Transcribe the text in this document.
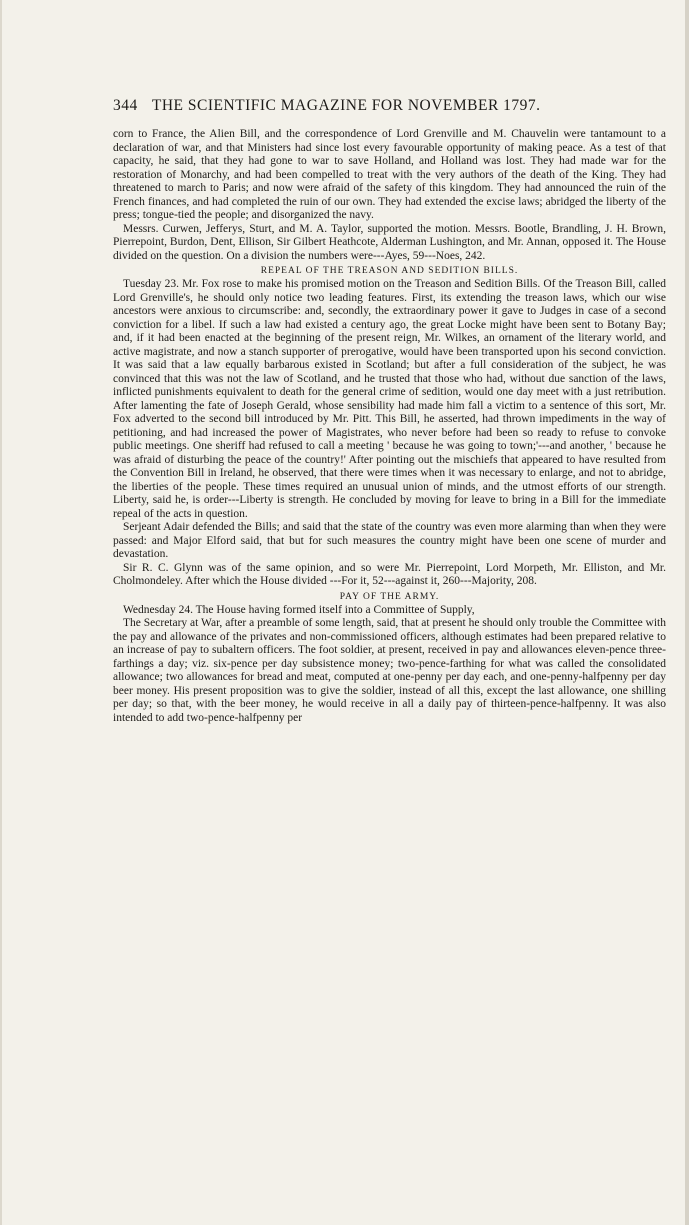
344 THE SCIENTIFIC MAGAZINE FOR NOVEMBER 1797.

corn to France, the Alien Bill, and the correspondence of Lord Grenville and M. Chauvelin were tantamount to a declaration of war, and that Ministers had since lost every favourable opportunity of making peace. As a test of that capacity, he said, that they had gone to war to save Holland, and Holland was lost. They had made war for the restoration of Monarchy, and had been compelled to treat with the very authors of the death of the King. They had threatened to march to Paris; and now were afraid of the safety of this kingdom. They had announced the ruin of the French finances, and had completed the ruin of our own. They had extended the excise laws; abridged the liberty of the press; tongue-tied the people; and disorganized the navy.

Messrs. Curwen, Jefferys, Sturt, and M. A. Taylor, supported the motion. Messrs. Bootle, Brandling, J. H. Brown, Pierrepoint, Burdon, Dent, Ellison, Sir Gilbert Heathcote, Alderman Lushington, and Mr. Annan, opposed it. The House divided on the question. On a division the numbers were---Ayes, 59---Noes, 242.

REPEAL OF THE TREASON AND SEDITION BILLS.

Tuesday 23. Mr. Fox rose to make his promised motion on the Treason and Sedition Bills. Of the Treason Bill, called Lord Grenville's, he should only notice two leading features. First, its extending the treason laws, which our wise ancestors were anxious to circumscribe: and, secondly, the extraordinary power it gave to Judges in case of a second conviction for a libel. If such a law had existed a century ago, the great Locke might have been sent to Botany Bay; and, if it had been enacted at the beginning of the present reign, Mr. Wilkes, an ornament of the literary world, and active magistrate, and now a stanch supporter of prerogative, would have been transported upon his second conviction. It was said that a law equally barbarous existed in Scotland; but after a full consideration of the subject, he was convinced that this was not the law of Scotland, and he trusted that those who had, without due sanction of the laws, inflicted punishments equivalent to death for the general crime of sedition, would one day meet with a just retribution. After lamenting the fate of Joseph Gerald, whose sensibility had made him fall a victim to a sentence of this sort, Mr. Fox adverted to the second bill introduced by Mr. Pitt. This Bill, he asserted, had thrown impediments in the way of petitioning, and had increased the power of Magistrates, who never before had been so ready to refuse to convoke public meetings. One sheriff had refused to call a meeting ' because he was going to town;'---and another, ' because he was afraid of disturbing the peace of the country!' After pointing out the mischiefs that appeared to have resulted from the Convention Bill in Ireland, he observed, that there were times when it was necessary to enlarge, and not to abridge, the liberties of the people. These times required an unusual union of minds, and the utmost efforts of our strength. Liberty, said he, is order---Liberty is strength. He concluded by moving for leave to bring in a Bill for the immediate repeal of the acts in question.

Serjeant Adair defended the Bills; and said that the state of the country was even more alarming than when they were passed: and Major Elford said, that but for such measures the country might have been one scene of murder and devastation.

Sir R. C. Glynn was of the same opinion, and so were Mr. Pierrepoint, Lord Morpeth, Mr. Elliston, and Mr. Cholmondeley. After which the House divided ---For it, 52---against it, 260---Majority, 208.

PAY OF THE ARMY.

Wednesday 24. The House having formed itself into a Committee of Supply,

The Secretary at War, after a preamble of some length, said, that at present he should only trouble the Committee with the pay and allowance of the privates and non-commissioned officers, although estimates had been prepared relative to an increase of pay to subaltern officers. The foot soldier, at present, received in pay and allowances eleven-pence three-farthings a day; viz. six-pence per day subsistence money; two-pence-farthing for what was called the consolidated allowance; two allowances for bread and meat, computed at one-penny per day each, and one-penny-halfpenny per day beer money. His present proposition was to give the soldier, instead of all this, except the last allowance, one shilling per day; so that, with the beer money, he would receive in all a daily pay of thirteen-pence-halfpenny. It was also intended to add two-pence-halfpenny per
